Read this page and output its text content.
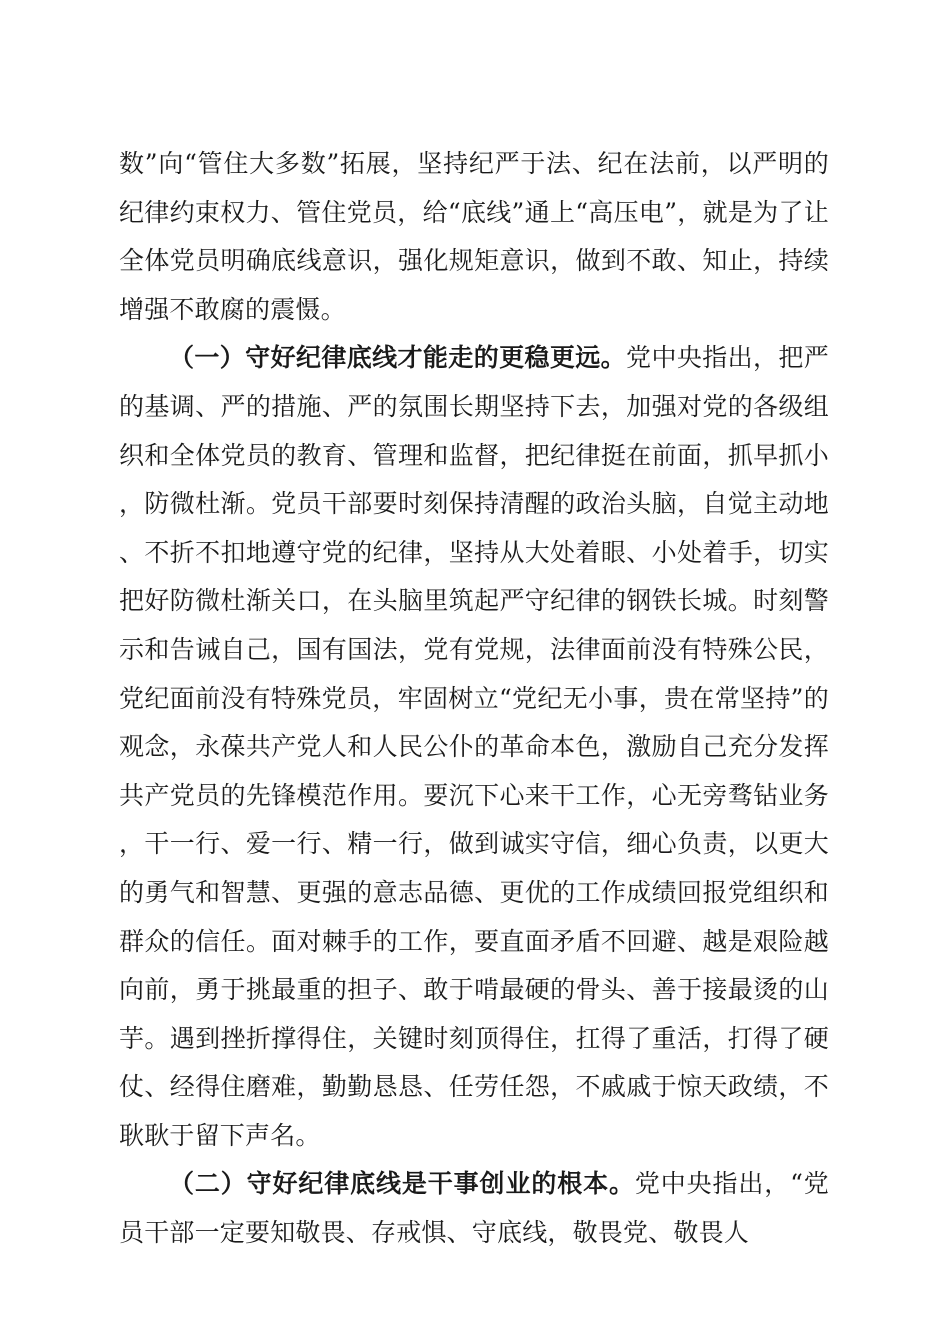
数”向“管住大多数”拓展，坚持纪严于法、纪在法前，以严明的纪律约束权力、管住党员，给“底线”通上“高压电”，就是为了让全体党员明确底线意识，强化规矩意识，做到不敢、知止，持续增强不敢腐的震慑。

（一）守好纪律底线才能走的更稳更远。党中央指出，把严的基调、严的措施、严的氛围长期坚持下去，加强对党的各级组织和全体党员的教育、管理和监督，把纪律挺在前面，抓早抓小，防微杜渐。党员干部要时刻保持清醒的政治头脑，自觉主动地、不折不扣地遵守党的纪律，坚持从大处着眼、小处着手，切实把好防微杜渐关口，在头脑里筑起严守纪律的钢铁长城。时刻警示和告诫自己，国有国法，党有党规，法律面前没有特殊公民，党纪面前没有特殊党员，牢固树立“党纪无小事，贵在常坚持”的观念，永葆共产党人和人民公仆的革命本色，激励自己充分发挥共产党员的先锋模范作用。要沉下心来干工作，心无旁骛钻业务，干一行、爱一行、精一行，做到诚实守信，细心负责，以更大的勇气和智慧、更强的意志品德、更优的工作成绩回报党组织和群众的信任。面对棘手的工作，要直面矛盾不回避、越是艰险越向前，勇于挑最重的担子、敢于啃最硬的骨头、善于接最烫的山芋。遇到挫折撑得住，关键时刻顶得住，扛得了重活，打得了硬仗、经得住磨难，勤勤恳恳、任劳任怨，不戚戚于惊天政绩，不耿耿于留下声名。

（二）守好纪律底线是干事创业的根本。党中央指出，“党员干部一定要知敬畏、存戒惧、守底线，敬畏党、敬畏人
